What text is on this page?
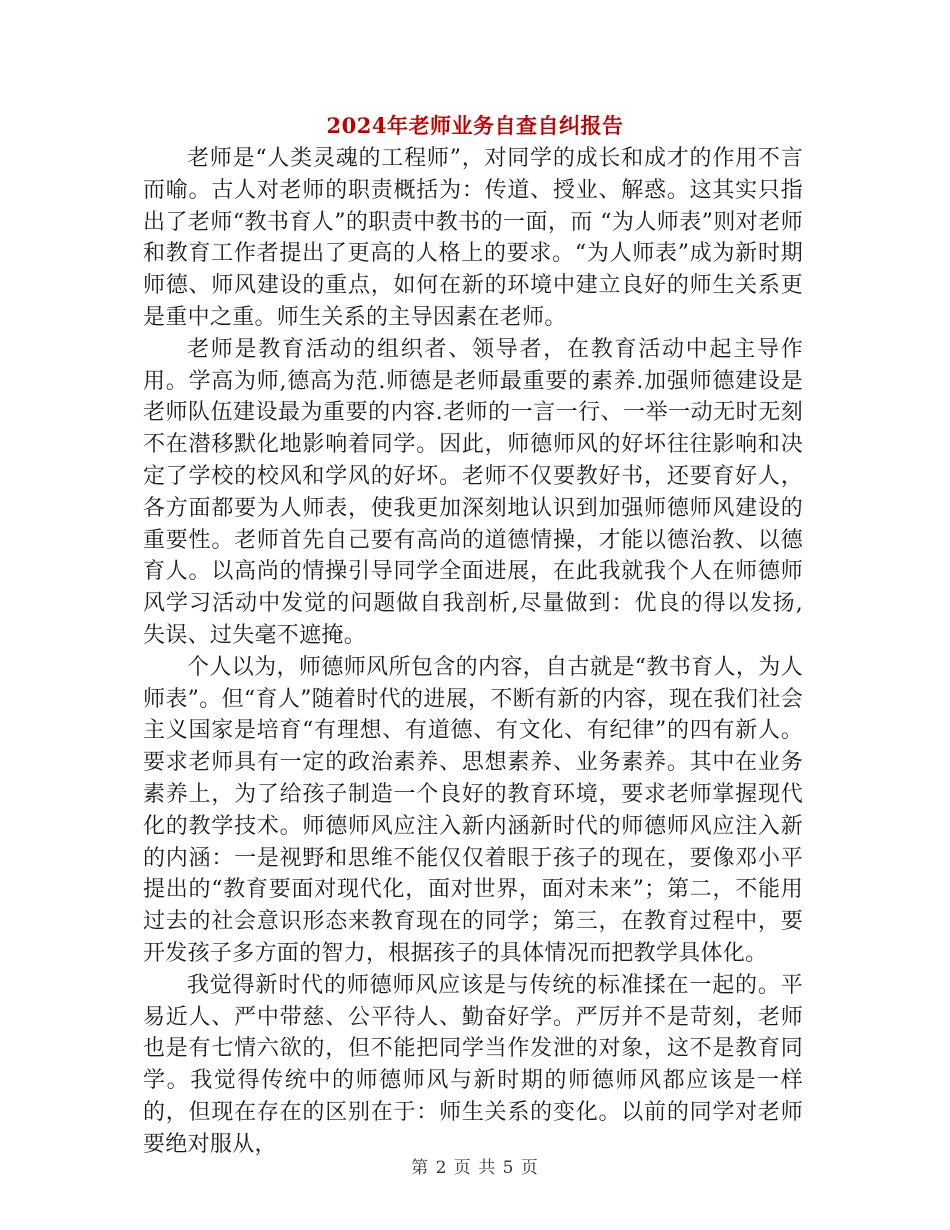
2024年老师业务自查自纠报告

老师是“人类灵魂的工程师”，对同学的成长和成才的作用不言而喻。古人对老师的职责概括为：传道、授业、解惑。这其实只指出了老师“教书育人”的职责中教书的一面，而 “为人师表”则对老师和教育工作者提出了更高的人格上的要求。“为人师表”成为新时期师德、师风建设的重点，如何在新的环境中建立良好的师生关系更是重中之重。师生关系的主导因素在老师。

老师是教育活动的组织者、领导者，在教育活动中起主导作用。学高为师,德高为范.师德是老师最重要的素养.加强师德建设是老师队伍建设最为重要的内容.老师的一言一行、一举一动无时无刻不在潜移默化地影响着同学。因此，师德师风的好坏往往影响和决定了学校的校风和学风的好坏。老师不仅要教好书，还要育好人，各方面都要为人师表，使我更加深刻地认识到加强师德师风建设的重要性。老师首先自己要有高尚的道德情操，才能以德治教、以德育人。以高尚的情操引导同学全面进展，在此我就我个人在师德师风学习活动中发觉的问题做自我剖析,尽量做到：优良的得以发扬,失误、过失毫不遮掩。

个人以为，师德师风所包含的内容，自古就是“教书育人，为人师表”。但“育人”随着时代的进展，不断有新的内容，现在我们社会主义国家是培育“有理想、有道德、有文化、有纪律”的四有新人。要求老师具有一定的政治素养、思想素养、业务素养。其中在业务素养上，为了给孩子制造一个良好的教育环境，要求老师掌握现代化的教学技术。师德师风应注入新内涵新时代的师德师风应注入新的内涵：一是视野和思维不能仅仅着眼于孩子的现在，要像邓小平提出的“教育要面对现代化，面对世界，面对未来”；第二，不能用过去的社会意识形态来教育现在的同学；第三，在教育过程中，要开发孩子多方面的智力，根据孩子的具体情况而把教学具体化。

我觉得新时代的师德师风应该是与传统的标准揉在一起的。平易近人、严中带慈、公平待人、勤奋好学。严厉并不是苛刻，老师也是有七情六欲的，但不能把同学当作发泄的对象，这不是教育同学。我觉得传统中的师德师风与新时期的师德师风都应该是一样的，但现在存在的区别在于：师生关系的变化。以前的同学对老师要绝对服从，

第 2 页 共 5 页
